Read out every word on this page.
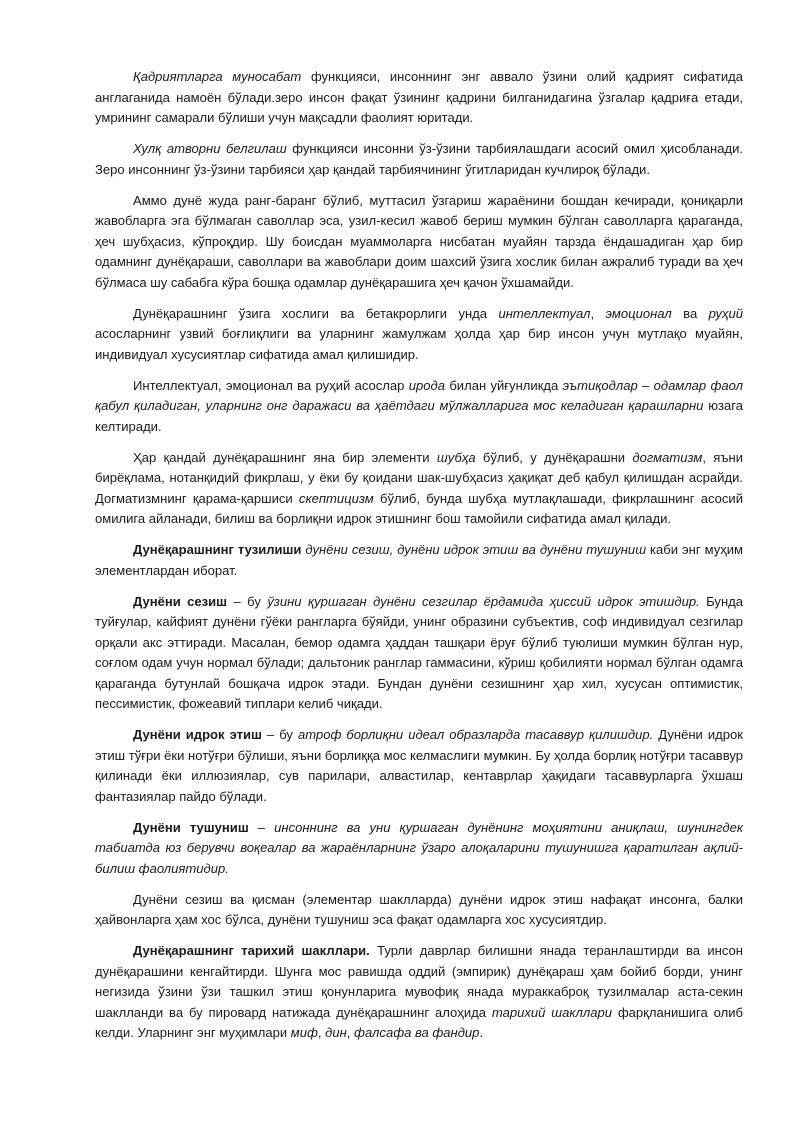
Қадриятларга муносабат функцияси, инсоннинг энг аввало ўзини олий қадрият сифатида англаганида намоён бўлади.зеро инсон фақат ўзининг қадрини билганидагина ўзгалар қадриға етади, умрининг самарали бўлиши учун мақсадли фаолият юритади.

Хулқ атворни белгилаш функцияси инсонни ўз-ўзини тарбиялашдаги асосий омил ҳисобланади. Зеро инсоннинг ўз-ўзини тарбияси ҳар қандай тарбиячининг ўгитларидан кучлироқ бўлади.

Аммо дунё жуда ранг-баранг бўлиб, муттасил ўзгариш жараёнини бошдан кечиради, қониқарли жавобларга эга бўлмаган саволлар эса, узил-кесил жавоб бериш мумкин бўлган саволларга қараганда, ҳеч шубҳасиз, кўпроқдир. Шу боисдан муаммоларга нисбатан муайян тарзда ёндашадиган ҳар бир одамнинг дунёқараши, саволлари ва жавоблари доим шахсий ўзига хослик билан ажралиб туради ва ҳеч бўлмаса шу сабабга кўра бошқа одамлар дунёқарашига ҳеч қачон ўхшамайди.

Дунёқарашнинг ўзига хослиги ва бетакрорлиги унда интеллектуал, эмоционал ва руҳий асосларнинг узвий боғлиқлиги ва уларнинг жамулжам ҳолда ҳар бир инсон учун мутлақо муайян, индивидуал хусусиятлар сифатида амал қилишидир.

Интеллектуал, эмоционал ва руҳий асослар ирода билан уйғунликда эътиқодлар – одамлар фаол қабул қиладиган, уларнинг онг даражаси ва ҳаётдаги мўлжалларига мос келадиган қарашларни юзага келтиради.

Ҳар қандай дунёқарашнинг яна бир элементи шубҳа бўлиб, у дунёқарашни догматизм, яъни бирёқлама, нотанқидий фикрлаш, у ёки бу қоидани шак-шубҳасиз ҳақиқат деб қабул қилишдан асрайди. Догматизмнинг қарама-қаршиси скептицизм бўлиб, бунда шубҳа мутлақлашади, фикрлашнинг асосий омилига айланади, билиш ва борлиқни идрок этишнинг бош тамойили сифатида амал қилади.

Дунёқарашнинг тузилиши дунёни сезиш, дунёни идрок этиш ва дунёни тушуниш каби энг муҳим элементлардан иборат.

Дунёни сезиш – бу ўзини қуршаган дунёни сезгилар ёрдамида ҳиссий идрок этишдир. Бунда туйғулар, кайфият дунёни гўёки рангларга бўяйди, унинг образини субъектив, соф индивидуал сезгилар орқали акс эттиради. Масалан, бемор одамга ҳаддан ташқари ёруғ бўлиб туюлиши мумкин бўлган нур, соғлом одам учун нормал бўлади; дальтоник ранглар гаммасини, кўриш қобилияти нормал бўлган одамга қараганда бутунлай бошқача идрок этади. Бундан дунёни сезишнинг ҳар хил, хусусан оптимистик, пессимистик, фожеавий типлари келиб чиқади.

Дунёни идрок этиш – бу атроф борлиқни идеал образларда тасаввур қилишдир. Дунёни идрок этиш тўғри ёки нотўғри бўлиши, яъни борлиққа мос келмаслиги мумкин. Бу ҳолда борлиқ нотўғри тасаввур қилинади ёки иллюзиялар, сув парилари, алвастилар, кентаврлар ҳақидаги тасаввурларга ўхшаш фантазиялар пайдо бўлади.

Дунёни тушуниш – инсоннинг ва уни қуршаган дунёнинг моҳиятини аниқлаш, шунингдек табиатда юз берувчи воқеалар ва жараёнларнинг ўзаро алоқаларини тушунишга қаратилган ақлий-билиш фаолиятидир.

Дунёни сезиш ва қисман (элементар шаклларда) дунёни идрок этиш нафақат инсонга, балки ҳайвонларга ҳам хос бўлса, дунёни тушуниш эса фақат одамларга хос хусусиятдир.

Дунёқарашнинг тарихий шакллари. Турли даврлар билишни янада теранлаштирди ва инсон дунёқарашини кенгайтирди. Шунга мос равишда оддий (эмпирик) дунёқараш ҳам бойиб борди, унинг негизида ўзини ўзи ташкил этиш қонунларига мувофиқ янада мураккаброқ тузилмалар аста-секин шаклланди ва бу пировард натижада дунёқарашнинг алоҳида тарихий шакллари фарқланишига олиб келди. Уларнинг энг муҳимлари миф, дин, фалсафа ва фандир.
